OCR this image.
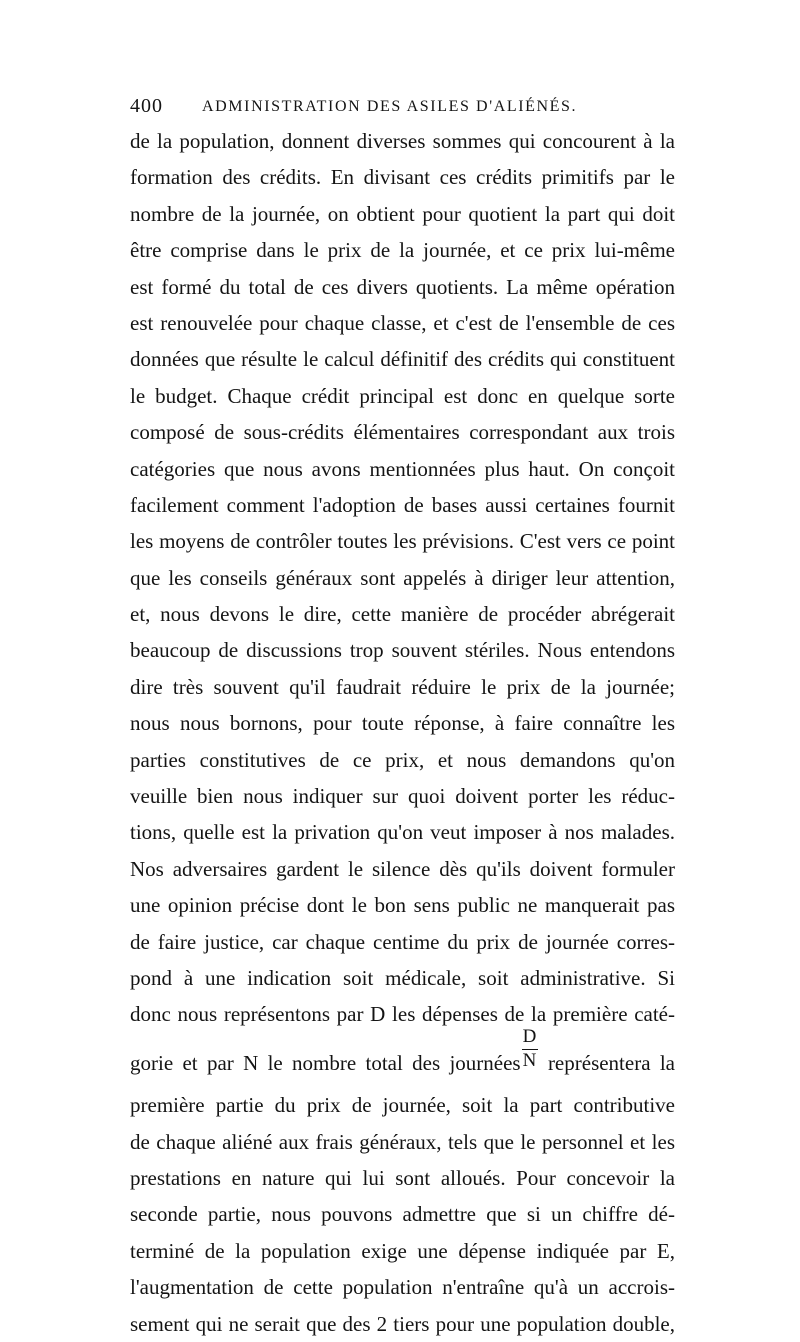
400 ADMINISTRATION DES ASILES D'ALIÉNÉS.
de la population, donnent diverses sommes qui concourent à la
formation des crédits. En divisant ces crédits primitifs par le
nombre de la journée, on obtient pour quotient la part qui doit
être comprise dans le prix de la journée, et ce prix lui-même
est formé du total de ces divers quotients. La même opération
est renouvelée pour chaque classe, et c'est de l'ensemble de ces
données que résulte le calcul définitif des crédits qui constituent
le budget. Chaque crédit principal est donc en quelque sorte
composé de sous-crédits élémentaires correspondant aux trois
catégories que nous avons mentionnées plus haut. On conçoit
facilement comment l'adoption de bases aussi certaines fournit
les moyens de contrôler toutes les prévisions. C'est vers ce point
que les conseils généraux sont appelés à diriger leur attention,
et, nous devons le dire, cette manière de procéder abrégerait
beaucoup de discussions trop souvent stériles. Nous entendons
dire très souvent qu'il faudrait réduire le prix de la journée;
nous nous bornons, pour toute réponse, à faire connaître les
parties constitutives de ce prix, et nous demandons qu'on
veuille bien nous indiquer sur quoi doivent porter les réduc-
tions, quelle est la privation qu'on veut imposer à nos malades.
Nos adversaires gardent le silence dès qu'ils doivent formuler
une opinion précise dont le bon sens public ne manquerait pas
de faire justice, car chaque centime du prix de journée corres-
pond à une indication soit médicale, soit administrative. Si
donc nous représentons par D les dépenses de la première caté-
gorie et par N le nombre total des journées $\frac{D}{N}$ représentera la
première partie du prix de journée, soit la part contributive
de chaque aliéné aux frais généraux, tels que le personnel et les
prestations en nature qui lui sont alloués. Pour concevoir la
seconde partie, nous pouvons admettre que si un chiffre dé-
terminé de la population exige une dépense indiquée par E,
l'augmentation de cette population n'entraîne qu'à un accrois-
sement qui ne serait que des 2 tiers pour une population double,
